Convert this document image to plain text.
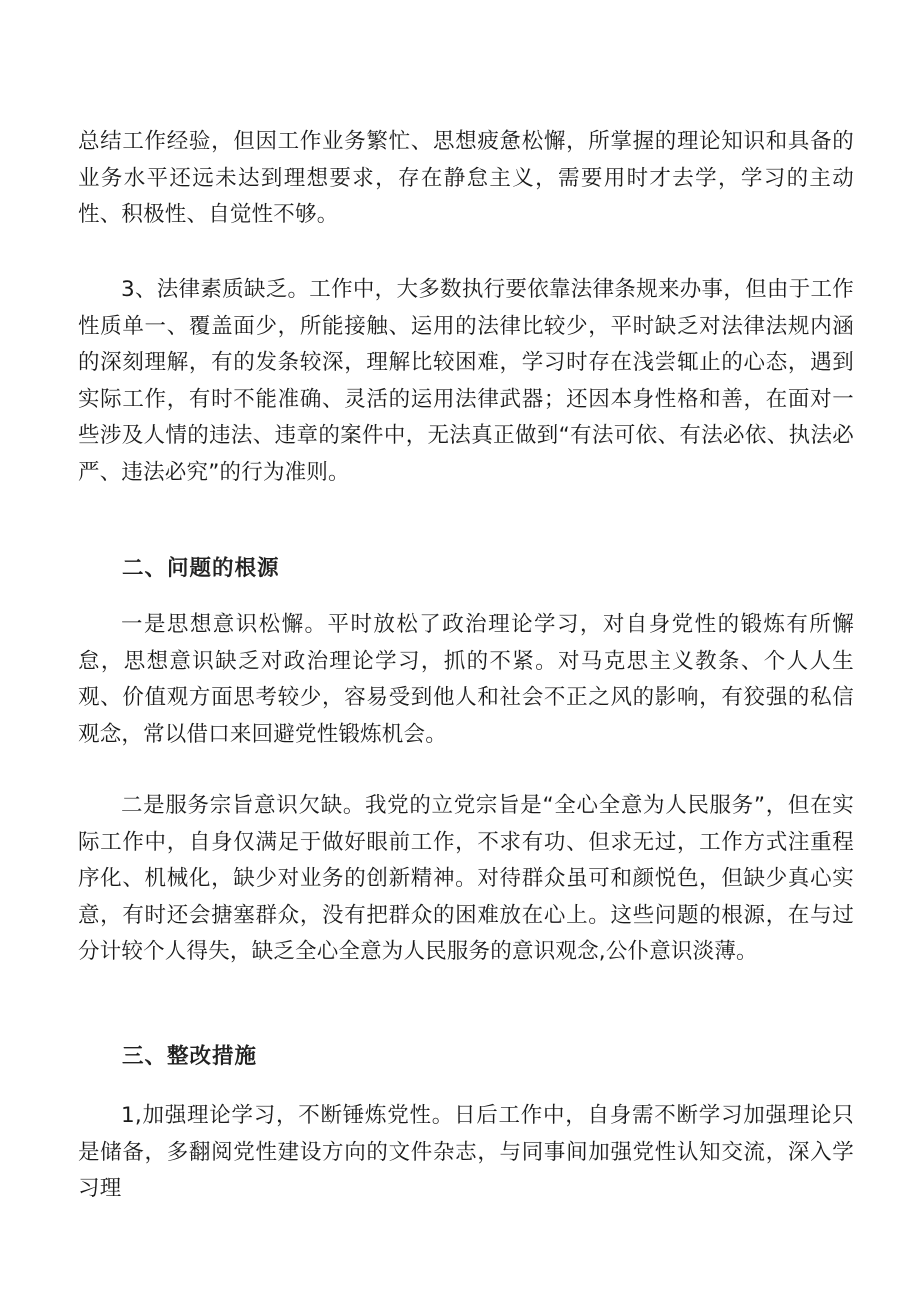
总结工作经验，但因工作业务繁忙、思想疲惫松懈，所掌握的理论知识和具备的业务水平还远未达到理想要求，存在静怠主义，需要用时才去学，学习的主动性、积极性、自觉性不够。

3、法律素质缺乏。工作中，大多数执行要依靠法律条规来办事，但由于工作性质单一、覆盖面少，所能接触、运用的法律比较少，平时缺乏对法律法规内涵的深刻理解，有的发条较深，理解比较困难，学习时存在浅尝辄止的心态，遇到实际工作，有时不能准确、灵活的运用法律武器；还因本身性格和善，在面对一些涉及人情的违法、违章的案件中，无法真正做到“有法可依、有法必依、执法必严、违法必究”的行为准则。

二、问题的根源

一是思想意识松懈。平时放松了政治理论学习，对自身党性的锻炼有所懈怠，思想意识缺乏对政治理论学习，抓的不紧。对马克思主义教条、个人人生观、价值观方面思考较少，容易受到他人和社会不正之风的影响，有狡强的私信观念，常以借口来回避党性锻炼机会。

二是服务宗旨意识欠缺。我党的立党宗旨是“全心全意为人民服务”，但在实际工作中，自身仅满足于做好眼前工作，不求有功、但求无过，工作方式注重程序化、机械化，缺少对业务的创新精神。对待群众虽可和颜悦色，但缺少真心实意，有时还会搪塞群众，没有把群众的困难放在心上。这些问题的根源，在与过分计较个人得失，缺乏全心全意为人民服务的意识观念,公仆意识淡薄。

三、整改措施

1,加强理论学习，不断锤炼党性。日后工作中，自身需不断学习加强理论只是储备，多翻阅党性建设方向的文件杂志，与同事间加强党性认知交流，深入学习理
